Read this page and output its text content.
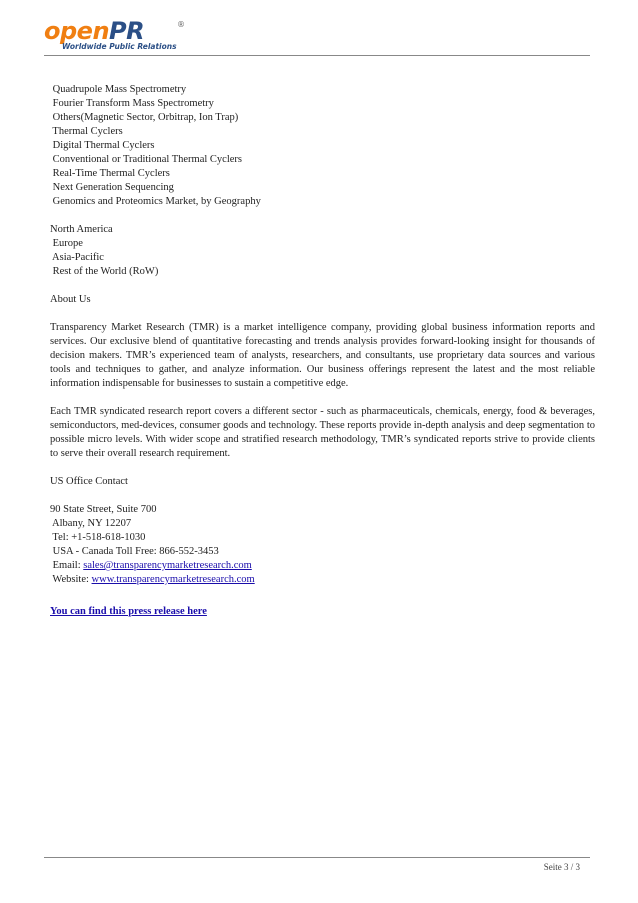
openPR	®
Worldwide Public Relations
Quadrupole Mass Spectrometry
Fourier Transform Mass Spectrometry
Others(Magnetic Sector, Orbitrap, Ion Trap)
Thermal Cyclers
Digital Thermal Cyclers
Conventional or Traditional Thermal Cyclers
Real-Time Thermal Cyclers
Next Generation Sequencing
Genomics and Proteomics Market, by Geography
North America
Europe
Asia-Pacific
Rest of the World (RoW)
About Us
Transparency Market Research (TMR) is a market intelligence company, providing global business information reports and services. Our exclusive blend of quantitative forecasting and trends analysis provides forward-looking insight for thousands of decision makers. TMR’s experienced team of analysts, researchers, and consultants, use proprietary data sources and various tools and techniques to gather, and analyze information. Our business offerings represent the latest and the most reliable information indispensable for businesses to sustain a competitive edge.
Each TMR syndicated research report covers a different sector - such as pharmaceuticals, chemicals, energy, food & beverages, semiconductors, med-devices, consumer goods and technology. These reports provide in-depth analysis and deep segmentation to possible micro levels. With wider scope and stratified research methodology, TMR’s syndicated reports strive to provide clients to serve their overall research requirement.
US Office Contact
90 State Street, Suite 700
Albany, NY 12207
Tel: +1-518-618-1030
USA - Canada Toll Free: 866-552-3453
Email: sales@transparencymarketresearch.com
Website: www.transparencymarketresearch.com
You can find this press release here
Seite 3 / 3
